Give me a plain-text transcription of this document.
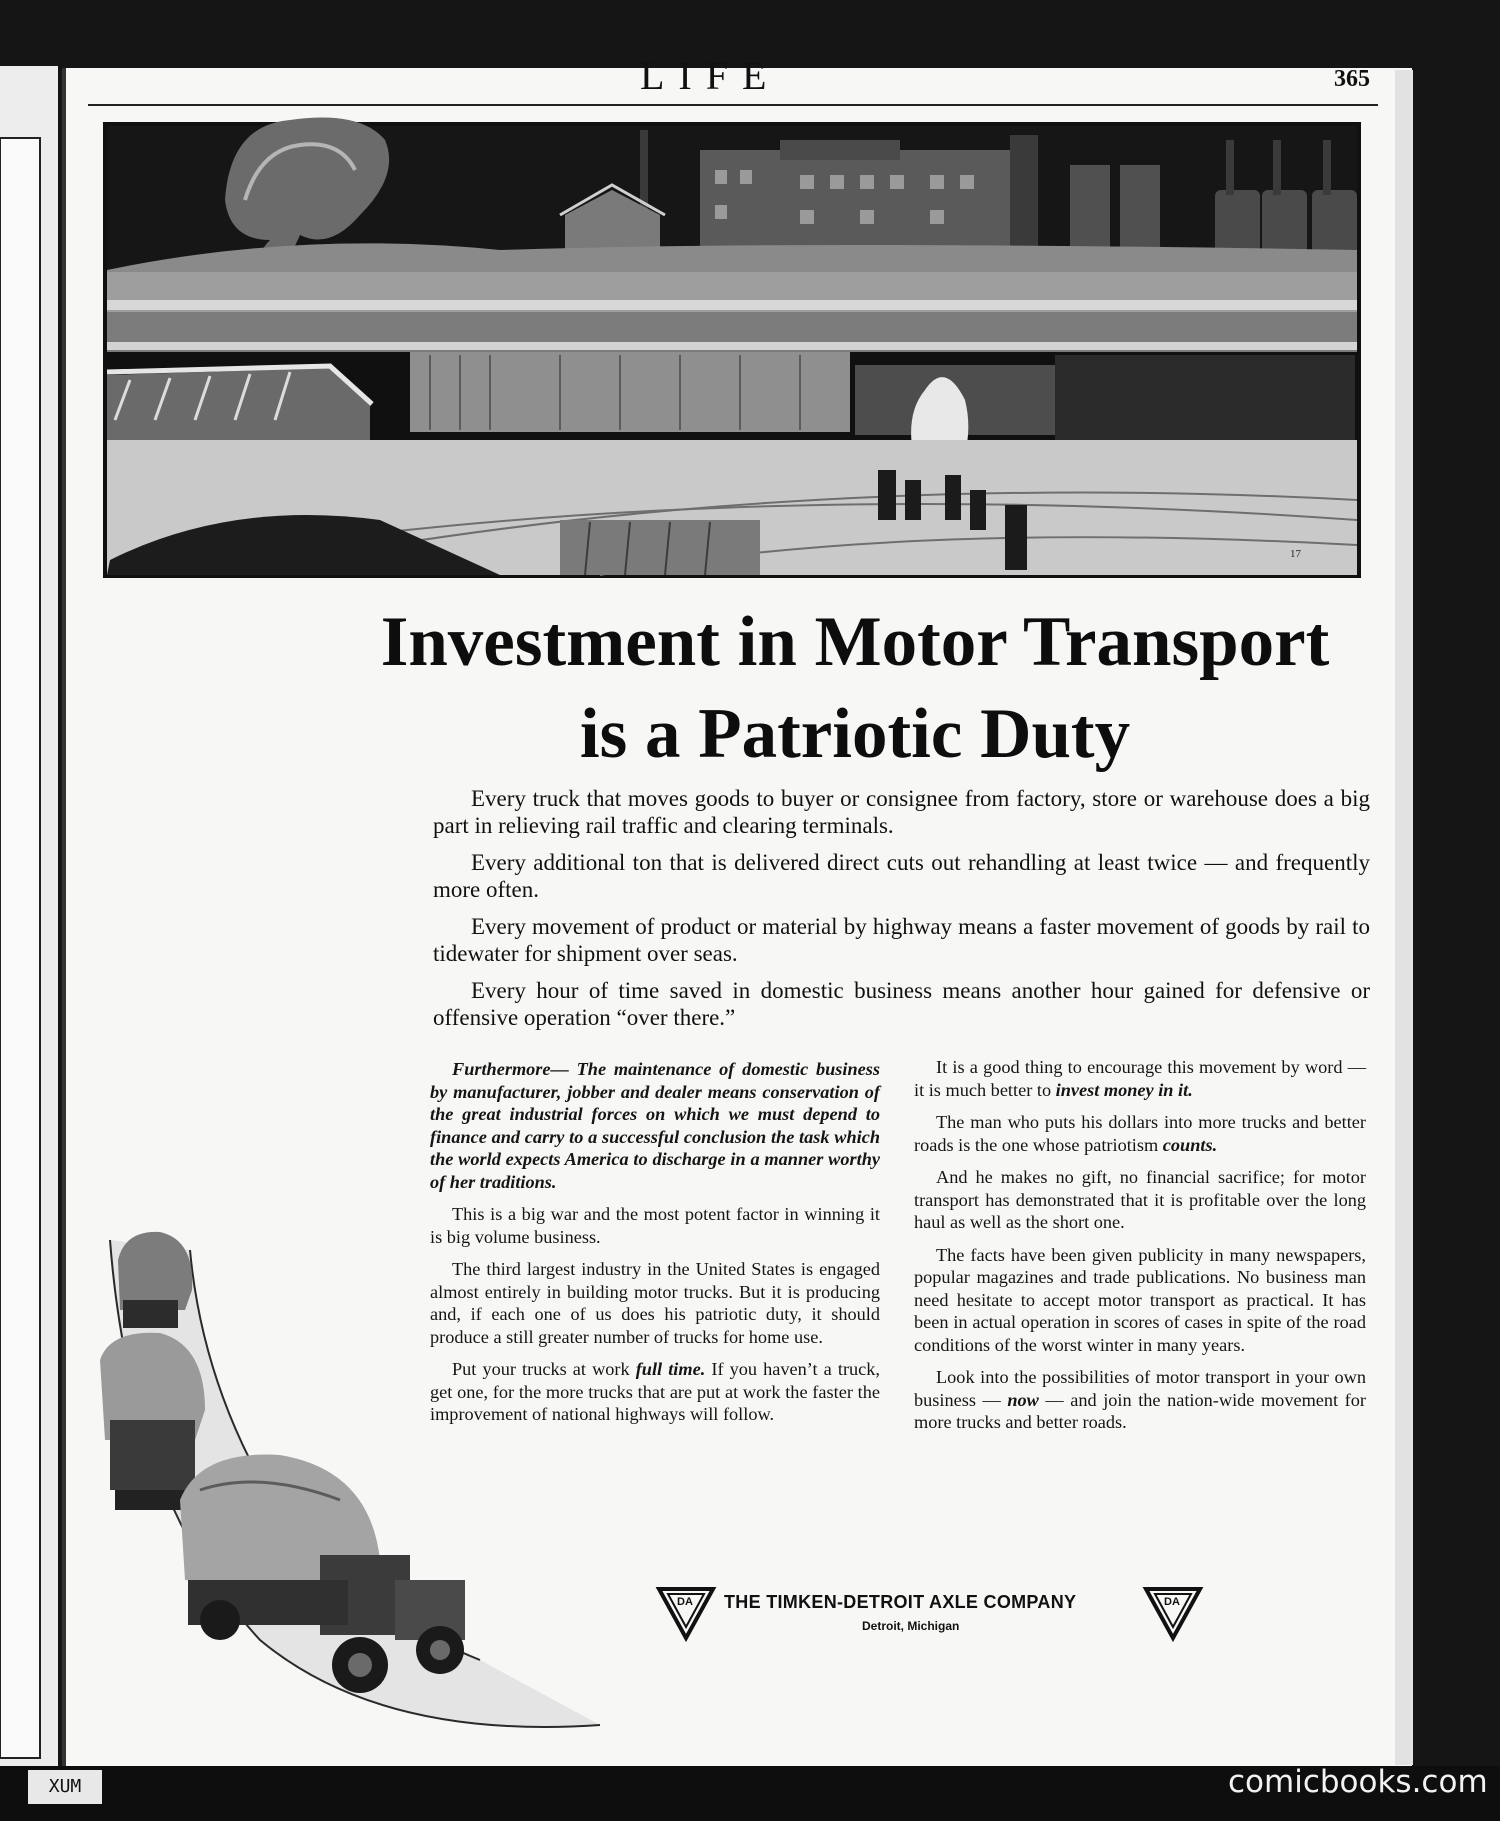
LIFE	365
17
Investment in Motor Transport
is a Patriotic Duty

Every truck that moves goods to buyer or consignee from factory, store or warehouse does a big part in relieving rail traffic and clearing terminals.

Every additional ton that is delivered direct cuts out rehandling at least twice — and frequently more often.

Every movement of product or material by highway means a faster movement of goods by rail to tidewater for shipment over seas.

Every hour of time saved in domestic business means another hour gained for defensive or offensive operation “over there.”

Furthermore— The maintenance of domestic business by manufacturer, jobber and dealer means conservation of the great industrial forces on which we must depend to finance and carry to a successful conclusion the task which the world expects America to discharge in a manner worthy of her traditions.

This is a big war and the most potent factor in winning it is big volume business.

The third largest industry in the United States is engaged almost entirely in building motor trucks. But it is producing and, if each one of us does his patriotic duty, it should produce a still greater number of trucks for home use.

Put your trucks at work full time. If you haven’t a truck, get one, for the more trucks that are put at work the faster the improvement of national highways will follow.

It is a good thing to encourage this movement by word — it is much better to invest money in it.

The man who puts his dollars into more trucks and better roads is the one whose patriotism counts.

And he makes no gift, no financial sacrifice; for motor transport has demonstrated that it is profitable over the long haul as well as the short one.

The facts have been given publicity in many newspapers, popular magazines and trade publications. No business man need hesitate to accept motor transport as practical. It has been in actual operation in scores of cases in spite of the road conditions of the worst winter in many years.

Look into the possibilities of motor transport in your own business — now — and join the nation-wide movement for more trucks and better roads.

DA	DA
THE TIMKEN-DETROIT AXLE COMPANY
Detroit, Michigan
XUM	comicbooks.com
